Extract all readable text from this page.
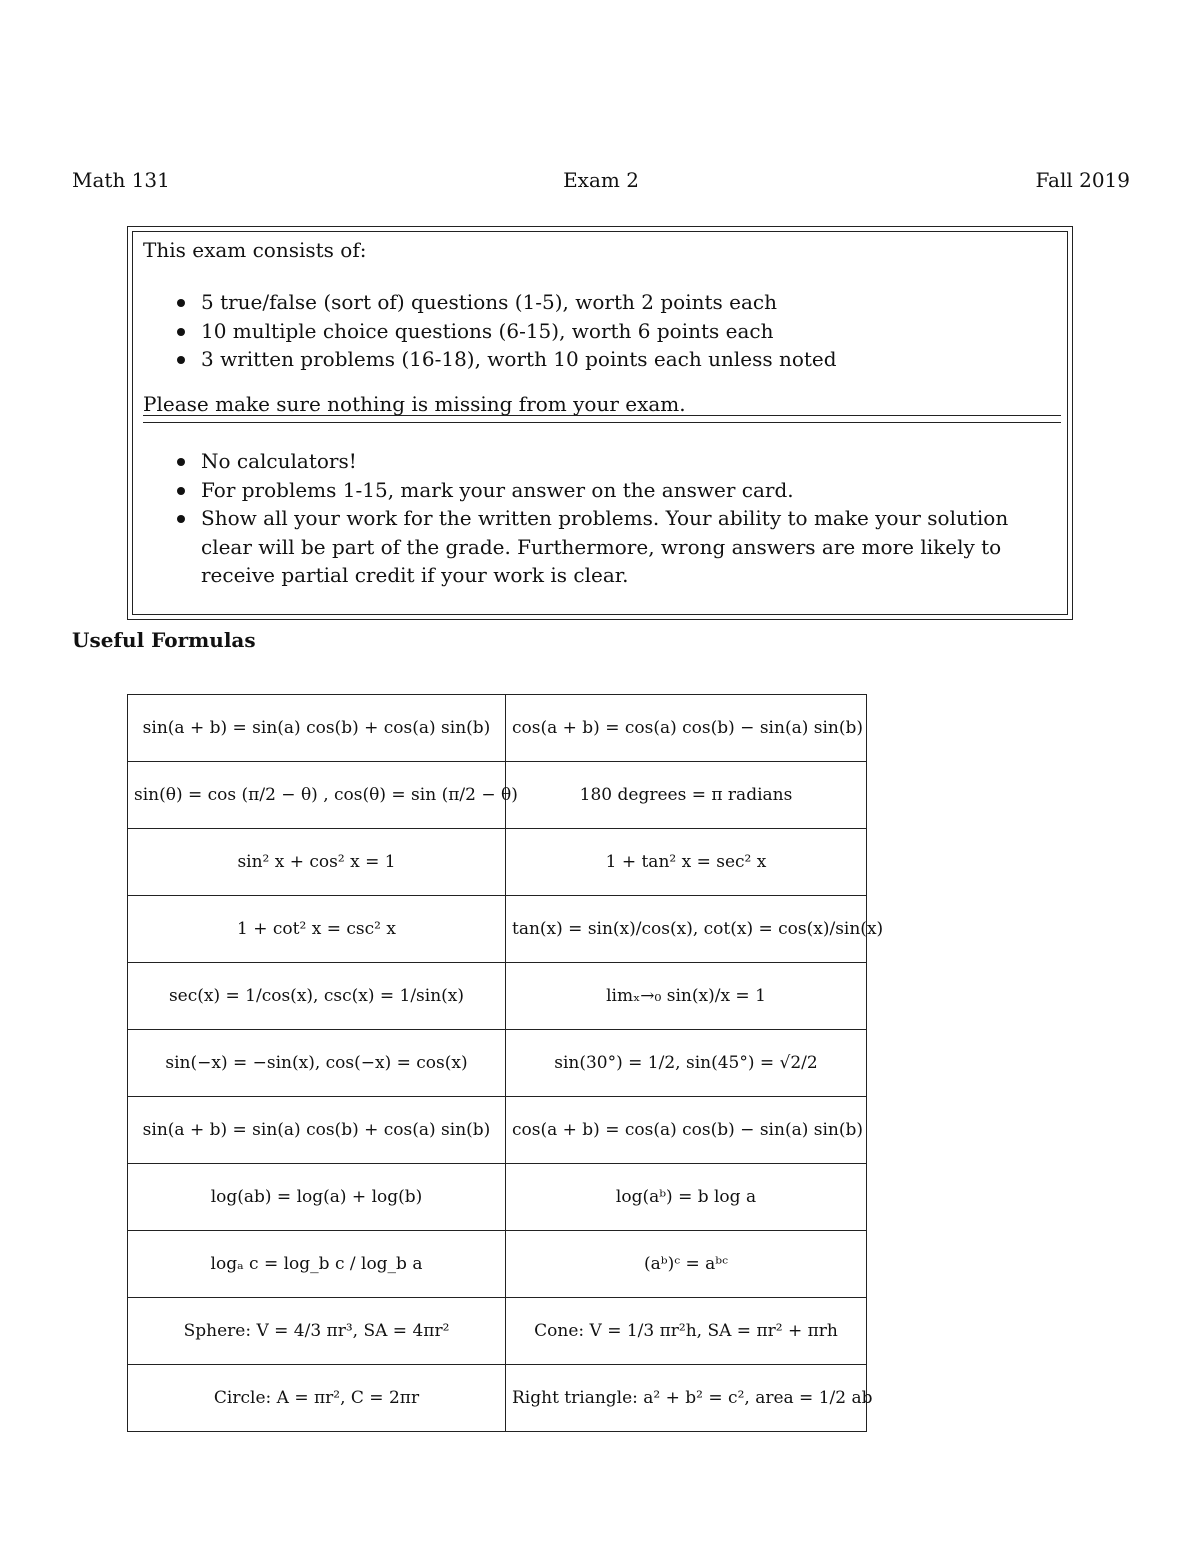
Math 131	Exam 2	Fall 2019
This exam consists of:
5 true/false (sort of) questions (1-5), worth 2 points each
10 multiple choice questions (6-15), worth 6 points each
3 written problems (16-18), worth 10 points each unless noted
Please make sure nothing is missing from your exam.
No calculators!
For problems 1-15, mark your answer on the answer card.
Show all your work for the written problems. Your ability to make your solution clear will be part of the grade. Furthermore, wrong answers are more likely to receive partial credit if your work is clear.
Useful Formulas
sin(a + b) = sin(a) cos(b) + cos(a) sin(b)	cos(a + b) = cos(a) cos(b) − sin(a) sin(b)
sin(θ) = cos (π/2 − θ) , cos(θ) = sin (π/2 − θ)	180 degrees = π radians
sin² x + cos² x = 1	1 + tan² x = sec² x
1 + cot² x = csc² x	tan(x) = sin(x)/cos(x), cot(x) = cos(x)/sin(x)
sec(x) = 1/cos(x), csc(x) = 1/sin(x)	limₓ→₀ sin(x)/x = 1
sin(−x) = −sin(x), cos(−x) = cos(x)	sin(30°) = 1/2, sin(45°) = √2/2
sin(a + b) = sin(a) cos(b) + cos(a) sin(b)	cos(a + b) = cos(a) cos(b) − sin(a) sin(b)
log(ab) = log(a) + log(b)	log(aᵇ) = b log a
logₐ c = log_b c / log_b a	(aᵇ)ᶜ = aᵇᶜ
Sphere: V = 4/3 πr³, SA = 4πr²	Cone: V = 1/3 πr²h, SA = πr² + πrh
Circle: A = πr², C = 2πr	Right triangle: a² + b² = c², area = 1/2 ab
